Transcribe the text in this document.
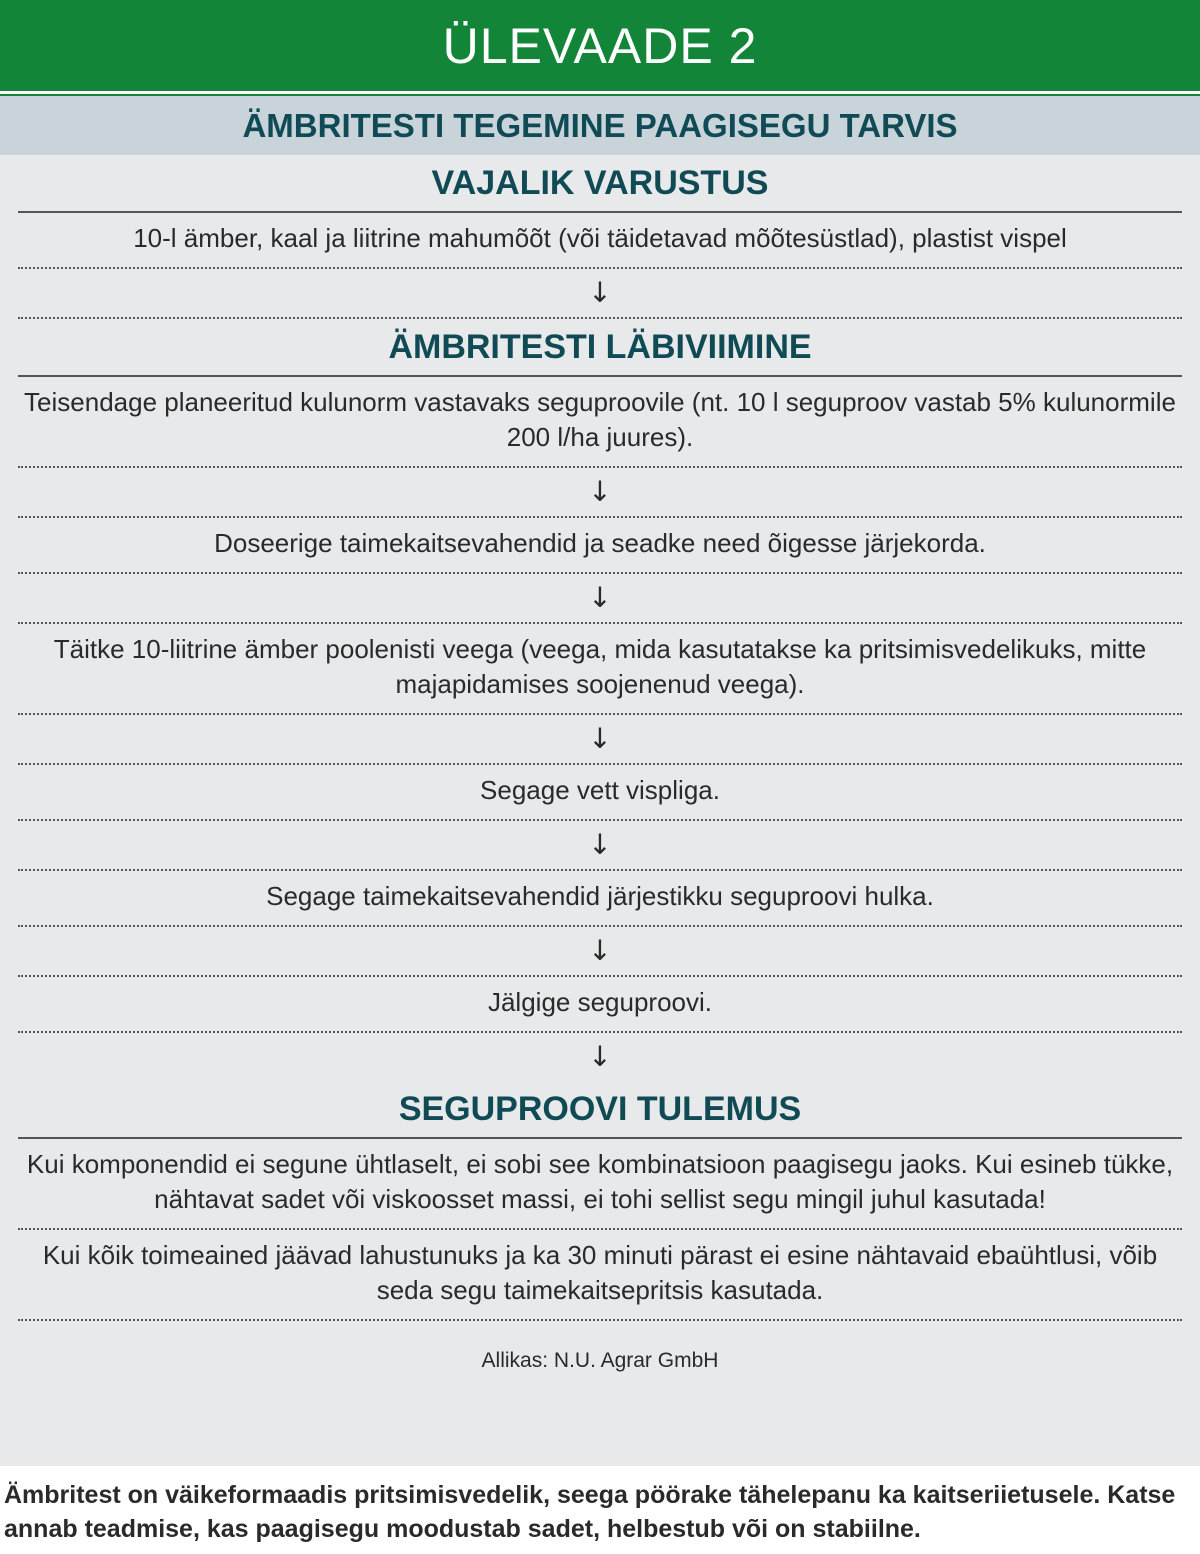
ÜLEVAADE 2
ÄMBRITESTI TEGEMINE PAAGISEGU TARVIS
VAJALIK VARUSTUS
10-l ämber, kaal ja liitrine mahumõõt (või täidetavad mõõtesüstlad), plastist vispel
↓
ÄMBRITESTI LÄBIVIIMINE
Teisendage planeeritud kulunorm vastavaks seguproovile (nt. 10 l seguproov vastab 5% kulunormile 200 l/ha juures).
↓
Doseerige taimekaitsevahendid ja seadke need õigesse järjekorda.
↓
Täitke 10-liitrine ämber poolenisti veega (veega, mida kasutatakse ka pritsimisvedelikuks, mitte majapidamises soojenenud veega).
↓
Segage vett vispliga.
↓
Segage taimekaitsevahendid järjestikku seguproovi hulka.
↓
Jälgige seguproovi.
↓
SEGUPROOVI TULEMUS
Kui komponendid ei segune ühtlaselt, ei sobi see kombinatsioon paagisegu jaoks. Kui esineb tükke, nähtavat sadet või viskoosset massi, ei tohi sellist segu mingil juhul kasutada!
Kui kõik toimeained jäävad lahustunuks ja ka 30 minuti pärast ei esine nähtavaid ebaühtlusi, võib seda segu taimekaitsepritsis kasutada.
Allikas: N.U. Agrar GmbH
Ämbritest on väikeformaadis pritsimisvedelik, seega pöörake tähelepanu ka kaitseriietusele. Katse annab teadmise, kas paagisegu moodustab sadet, helbestub või on stabiilne.
